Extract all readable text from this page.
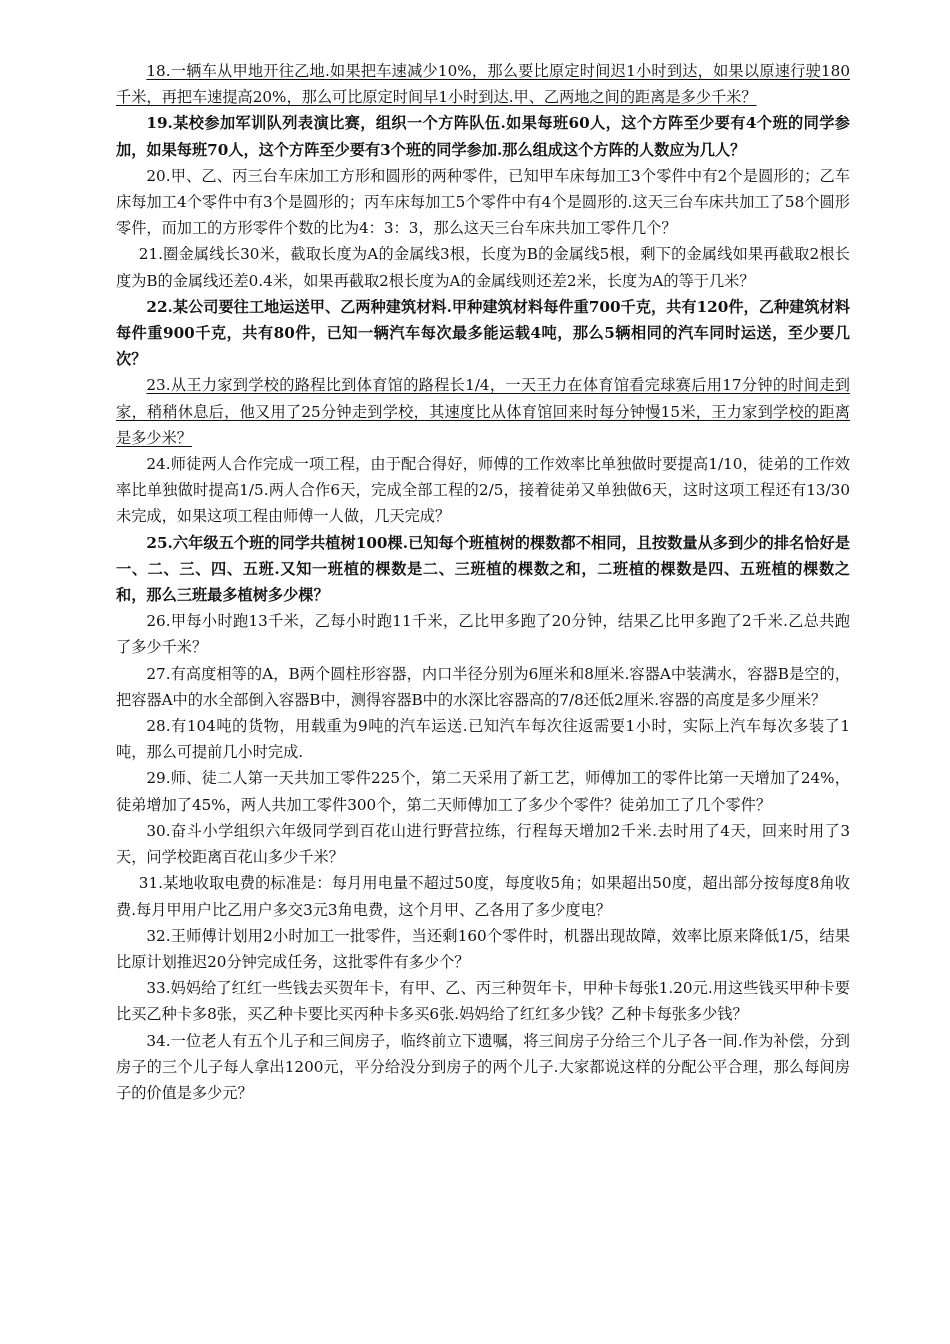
18.一辆车从甲地开往乙地.如果把车速减少10%，那么要比原定时间迟1小时到达，如果以原速行驶180千米，再把车速提高20%，那么可比原定时间早1小时到达.甲、乙两地之间的距离是多少千米？

19.某校参加军训队列表演比赛，组织一个方阵队伍.如果每班60人，这个方阵至少要有4个班的同学参加，如果每班70人，这个方阵至少要有3个班的同学参加.那么组成这个方阵的人数应为几人？

20.甲、乙、丙三台车床加工方形和圆形的两种零件，已知甲车床每加工3个零件中有2个是圆形的；乙车床每加工4个零件中有3个是圆形的；丙车床每加工5个零件中有4个是圆形的.这天三台车床共加工了58个圆形零件，而加工的方形零件个数的比为4：3：3，那么这天三台车床共加工零件几个？

21.圈金属线长30米，截取长度为A的金属线3根，长度为B的金属线5根，剩下的金属线如果再截取2根长度为B的金属线还差0.4米，如果再截取2根长度为A的金属线则还差2米，长度为A的等于几米？

22.某公司要往工地运送甲、乙两种建筑材料.甲种建筑材料每件重700千克，共有120件，乙种建筑材料每件重900千克，共有80件，已知一辆汽车每次最多能运载4吨，那么5辆相同的汽车同时运送，至少要几次？

23.从王力家到学校的路程比到体育馆的路程长1/4，一天王力在体育馆看完球赛后用17分钟的时间走到家，稍稍休息后，他又用了25分钟走到学校，其速度比从体育馆回来时每分钟慢15米，王力家到学校的距离是多少米？

24.师徒两人合作完成一项工程，由于配合得好，师傅的工作效率比单独做时要提高1/10，徒弟的工作效率比单独做时提高1/5.两人合作6天，完成全部工程的2/5，接着徒弟又单独做6天，这时这项工程还有13/30未完成，如果这项工程由师傅一人做，几天完成？

25.六年级五个班的同学共植树100棵.已知每个班植树的棵数都不相同，且按数量从多到少的排名恰好是一、二、三、四、五班.又知一班植的棵数是二、三班植的棵数之和，二班植的棵数是四、五班植的棵数之和，那么三班最多植树多少棵？

26.甲每小时跑13千米，乙每小时跑11千米，乙比甲多跑了20分钟，结果乙比甲多跑了2千米.乙总共跑了多少千米？

27.有高度相等的A，B两个圆柱形容器，内口半径分别为6厘米和8厘米.容器A中装满水，容器B是空的，把容器A中的水全部倒入容器B中，测得容器B中的水深比容器高的7/8还低2厘米.容器的高度是多少厘米？

28.有104吨的货物，用载重为9吨的汽车运送.已知汽车每次往返需要1小时，实际上汽车每次多装了1吨，那么可提前几小时完成.

29.师、徒二人第一天共加工零件225个，第二天采用了新工艺，师傅加工的零件比第一天增加了24%，徒弟增加了45%，两人共加工零件300个，第二天师傅加工了多少个零件？徒弟加工了几个零件？

30.奋斗小学组织六年级同学到百花山进行野营拉练，行程每天增加2千米.去时用了4天，回来时用了3天，问学校距离百花山多少千米？

31.某地收取电费的标准是：每月用电量不超过50度，每度收5角；如果超出50度，超出部分按每度8角收费.每月甲用户比乙用户多交3元3角电费，这个月甲、乙各用了多少度电？

32.王师傅计划用2小时加工一批零件，当还剩160个零件时，机器出现故障，效率比原来降低1/5，结果比原计划推迟20分钟完成任务，这批零件有多少个？

33.妈妈给了红红一些钱去买贺年卡，有甲、乙、丙三种贺年卡，甲种卡每张1.20元.用这些钱买甲种卡要比买乙种卡多8张，买乙种卡要比买丙种卡多买6张.妈妈给了红红多少钱？乙种卡每张多少钱？

34.一位老人有五个儿子和三间房子，临终前立下遗嘱，将三间房子分给三个儿子各一间.作为补偿，分到房子的三个儿子每人拿出1200元，平分给没分到房子的两个儿子.大家都说这样的分配公平合理，那么每间房子的价值是多少元？
